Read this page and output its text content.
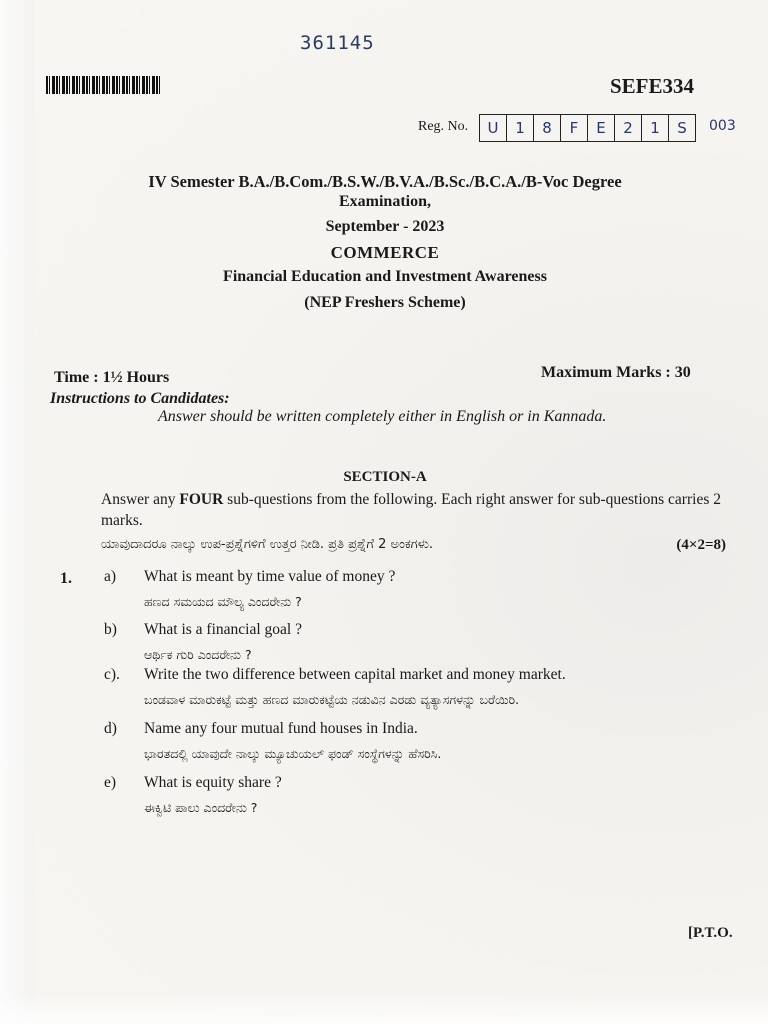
361145
SEFE334
Reg. No.	U	1	8	F	E	2	1	S	003
IV Semester B.A./B.Com./B.S.W./B.V.A./B.Sc./B.C.A./B-Voc Degree
Examination,
September - 2023
COMMERCE
Financial Education and Investment Awareness
(NEP Freshers Scheme)
Time : 1½ Hours	Maximum Marks : 30
Instructions to Candidates:
Answer should be written completely either in English or in Kannada.
SECTION-A
Answer any FOUR sub-questions from the following. Each right answer for sub-questions carries 2 marks.
ಯಾವುದಾದರೂ ನಾಲ್ಕು ಉಪ-ಪ್ರಶ್ನೆಗಳಿಗೆ ಉತ್ತರ ನೀಡಿ. ಪ್ರತಿ ಪ್ರಶ್ನೆಗೆ 2 ಅಂಕಗಳು.	(4×2=8)
1. a) What is meant by time value of money ?
ಹಣದ ಸಮಯದ ಮೌಲ್ಯ ಎಂದರೇನು ?
b) What is a financial goal ?
ಆರ್ಥಿಕ ಗುರಿ ಎಂದರೇನು ?
c). Write the two difference between capital market and money market.
ಬಂಡವಾಳ ಮಾರುಕಟ್ಟೆ ಮತ್ತು ಹಣದ ಮಾರುಕಟ್ಟೆಯ ನಡುವಿನ ಎರಡು ವ್ಯತ್ಯಾಸಗಳನ್ನು ಬರೆಯಿರಿ.
d) Name any four mutual fund houses in India.
ಭಾರತದಲ್ಲಿ ಯಾವುದೇ ನಾಲ್ಕು ಮ್ಯೂಚುಯಲ್ ಫಂಡ್ ಸಂಸ್ಥೆಗಳನ್ನು ಹೆಸರಿಸಿ.
e) What is equity share ?
ಈಕ್ವಿಟಿ ಪಾಲು ಎಂದರೇನು ?
[P.T.O.
